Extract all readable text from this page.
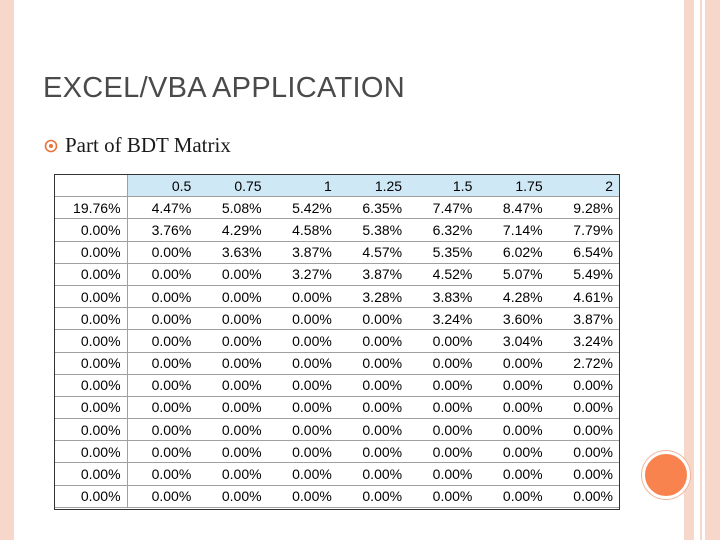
EXCEL/VBA APPLICATION
Part of BDT Matrix
	0.5	0.75	1	1.25	1.5	1.75	2
19.76%	4.47%	5.08%	5.42%	6.35%	7.47%	8.47%	9.28%
0.00%	3.76%	4.29%	4.58%	5.38%	6.32%	7.14%	7.79%
0.00%	0.00%	3.63%	3.87%	4.57%	5.35%	6.02%	6.54%
0.00%	0.00%	0.00%	3.27%	3.87%	4.52%	5.07%	5.49%
0.00%	0.00%	0.00%	0.00%	3.28%	3.83%	4.28%	4.61%
0.00%	0.00%	0.00%	0.00%	0.00%	3.24%	3.60%	3.87%
0.00%	0.00%	0.00%	0.00%	0.00%	0.00%	3.04%	3.24%
0.00%	0.00%	0.00%	0.00%	0.00%	0.00%	0.00%	2.72%
0.00%	0.00%	0.00%	0.00%	0.00%	0.00%	0.00%	0.00%
0.00%	0.00%	0.00%	0.00%	0.00%	0.00%	0.00%	0.00%
0.00%	0.00%	0.00%	0.00%	0.00%	0.00%	0.00%	0.00%
0.00%	0.00%	0.00%	0.00%	0.00%	0.00%	0.00%	0.00%
0.00%	0.00%	0.00%	0.00%	0.00%	0.00%	0.00%	0.00%
0.00%	0.00%	0.00%	0.00%	0.00%	0.00%	0.00%	0.00%
